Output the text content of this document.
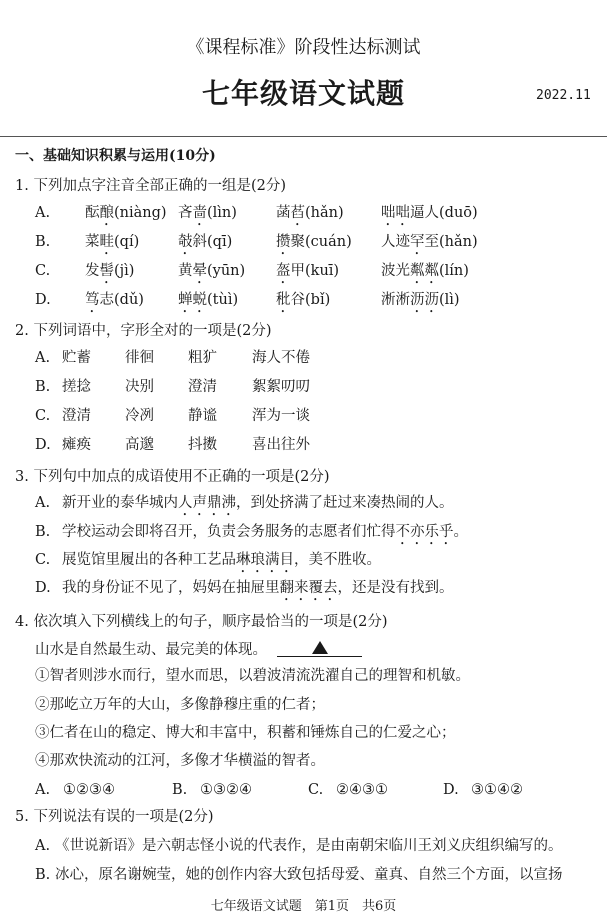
《课程标准》阶段性达标测试
七年级语文试题	2022.11
一、基础知识积累与运用(10分)
1. 下列加点字注音全部正确的一组是(2分)
A. 酝酿(niàng) 吝啬(lìn)	菡萏(hǎn)	咄咄逼人(duō)
B. 菜畦(qí)	攲斜(qī)	攒聚(cuán) 人迹罕至(hǎn)
C. 发髻(jì)	黄晕(yūn) 盔甲(kuī)	波光粼粼(lín)
D. 笃志(dǔ) 蝉蜕(tùì)	秕谷(bǐ)	淅淅沥沥(lì)
2. 下列词语中，字形全对的一项是(2分)
A. 贮蓄 徘徊 粗犷 海人不倦
B. 搓捻 决别 澄清 絮絮叨叨
C. 澄清 冷冽 静谧 浑为一谈
D. 瘫痪 高邈 抖擞 喜出往外
3. 下列句中加点的成语使用不正确的一项是(2分)
A. 新开业的泰华城内人声鼎沸，到处挤满了赶过来凑热闹的人。
B. 学校运动会即将召开，负责会务服务的志愿者们忙得不亦乐乎。
C. 展览馆里履出的各种工艺品琳琅满目，美不胜收。
D. 我的身份证不见了，妈妈在抽屉里翻来覆去，还是没有找到。
4. 依次填入下列横线上的句子，顺序最恰当的一项是(2分)
山水是自然最生动、最完美的体现。
①智者则涉水而行，望水而思，以碧波清流洗濯自己的理智和机敏。
②那屹立万年的大山，多像静穆庄重的仁者；
③仁者在山的稳定、博大和丰富中，积蓄和锤炼自己的仁爱之心；
④那欢快流动的江河，多像才华横溢的智者。
A. ①②③④	B. ①③②④	C. ②④③①	D. ③①④②
5. 下列说法有误的一项是(2分)
A. 《世说新语》是六朝志怪小说的代表作，是由南朝宋临川王刘义庆组织编写的。
B. 冰心，原名谢婉莹，她的创作内容大致包括母爱、童真、自然三个方面，以宣扬
七年级语文试题　第1页　共6页
